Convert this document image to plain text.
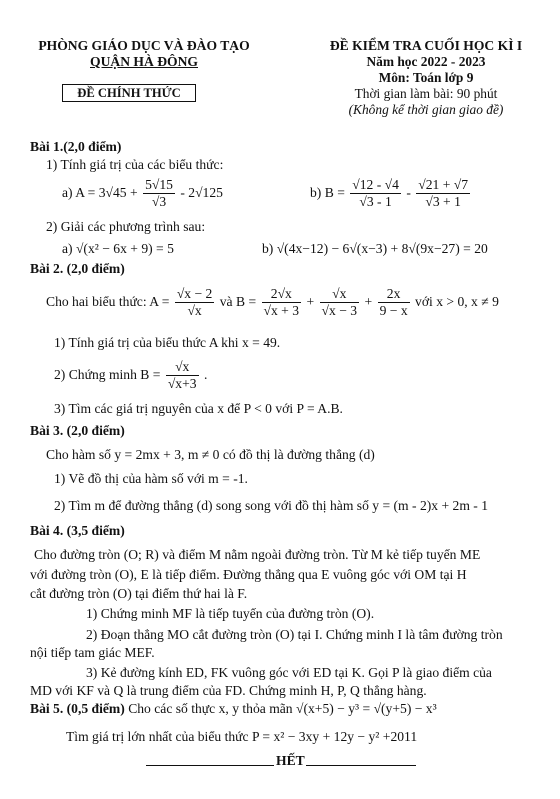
PHÒNG GIÁO DỤC VÀ ĐÀO TẠO
QUẬN HÀ ĐÔNG
ĐỀ CHÍNH THỨC
ĐỀ KIỂM TRA CUỐI HỌC KÌ I
Năm học 2022 - 2023
Môn: Toán lớp 9
Thời gian làm bài: 90 phút
(Không kể thời gian giao đề)
Bài 1.(2,0 điểm)
1) Tính giá trị của các biểu thức:
a) $A = 3√45 + \frac{5√15}{√3} - 2√125$	b) $B = \frac{√12 - √4}{√3 - 1} - \frac{√21 + √7}{√3 + 1}$
2) Giải các phương trình sau:
a) √(x² − 6x + 9) = 5	b) √(4x−12) − 6√(x−3) + 8√(9x−27) = 20
Bài 2. (2,0 điểm)
Cho hai biểu thức: $A = \frac{√x - 2}{√x}$ và $B = \frac{2√x}{√x + 3} + \frac{√x}{√x - 3} + \frac{2x}{9 - x}$ với x > 0, x ≠ 9
1) Tính giá trị của biểu thức A khi x = 49.
2) Chứng minh $B = \frac{√x}{√x+3}$ .
3) Tìm các giá trị nguyên của x để P < 0 với P = A.B.
Bài 3. (2,0 điểm)
Cho hàm số y = 2mx + 3, m ≠ 0 có đồ thị là đường thẳng (d)
1) Vẽ đồ thị của hàm số với m = -1.
2) Tìm m để đường thẳng (d) song song với đồ thị hàm số y = (m - 2)x + 2m - 1
Bài 4. (3,5 điểm)
Cho đường tròn (O; R) và điểm M nằm ngoài đường tròn. Từ M kẻ tiếp tuyến ME
với đường tròn (O), E là tiếp điểm. Đường thẳng qua E vuông góc với OM tại H
cắt đường tròn (O) tại điểm thứ hai là F.
1) Chứng minh MF là tiếp tuyến của đường tròn (O).
2) Đoạn thẳng MO cắt đường tròn (O) tại I. Chứng minh I là tâm đường tròn
nội tiếp tam giác MEF.
3) Kẻ đường kính ED, FK vuông góc với ED tại K. Gọi P là giao điểm của
MD với KF và Q là trung điểm của FD. Chứng minh H, P, Q thẳng hàng.
Bài 5. (0,5 điểm) Cho các số thực x, y thỏa mãn √(x+5) − y³ = √(y+5) − x³
Tìm giá trị lớn nhất của biểu thức P = x² − 3xy + 12y − y² +2011
HẾT
